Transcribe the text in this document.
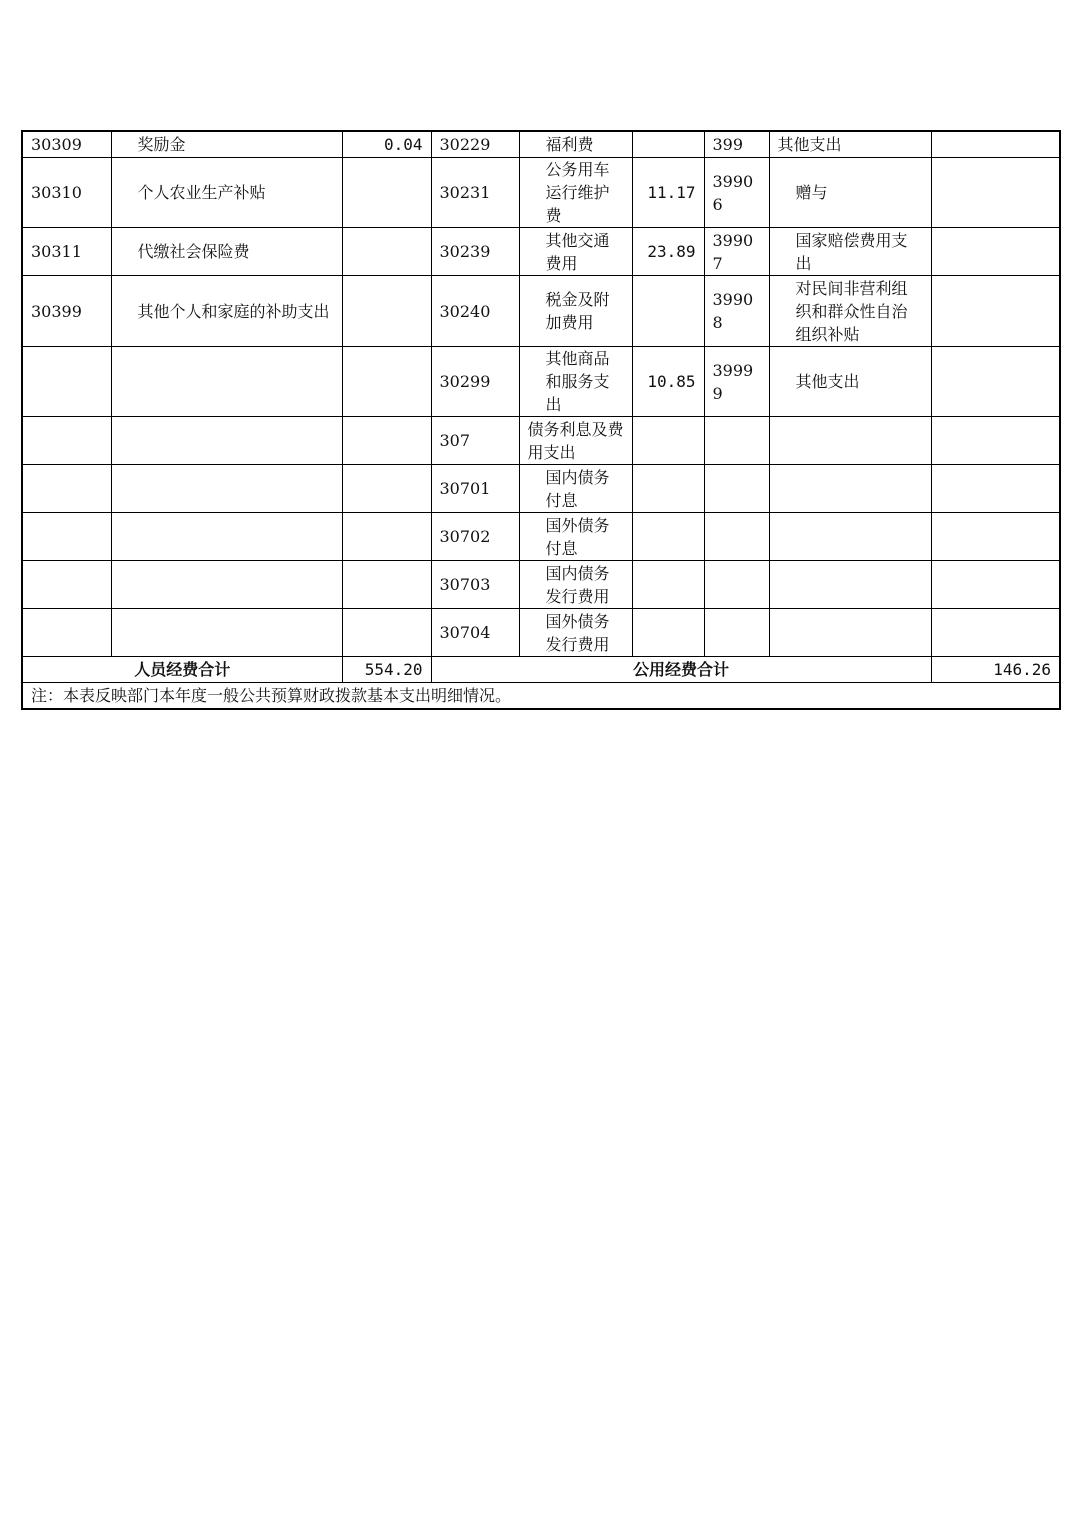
30309	奖励金	0.04	30229	福利费		399	其他支出	

30310	个人农业生产补贴		30231	公务用车运行维护费	11.17	39906	赠与	

30311	代缴社会保险费		30239	其他交通费用	23.89	39907	国家赔偿费用支出	

30399	其他个人和家庭的补助支出		30240	税金及附加费用		39908	对民间非营利组织和群众性自治组织补贴	

		30299	其他商品和服务支出	10.85	39999	其他支出	

		307	债务利息及费用支出				

		30701	国内债务付息				

		30702	国外债务付息				

		30703	国内债务发行费用				

		30704	国外债务发行费用				

人员经费合计		554.20	公用经费合计					146.26
注：本表反映部门本年度一般公共预算财政拨款基本支出明细情况。								
